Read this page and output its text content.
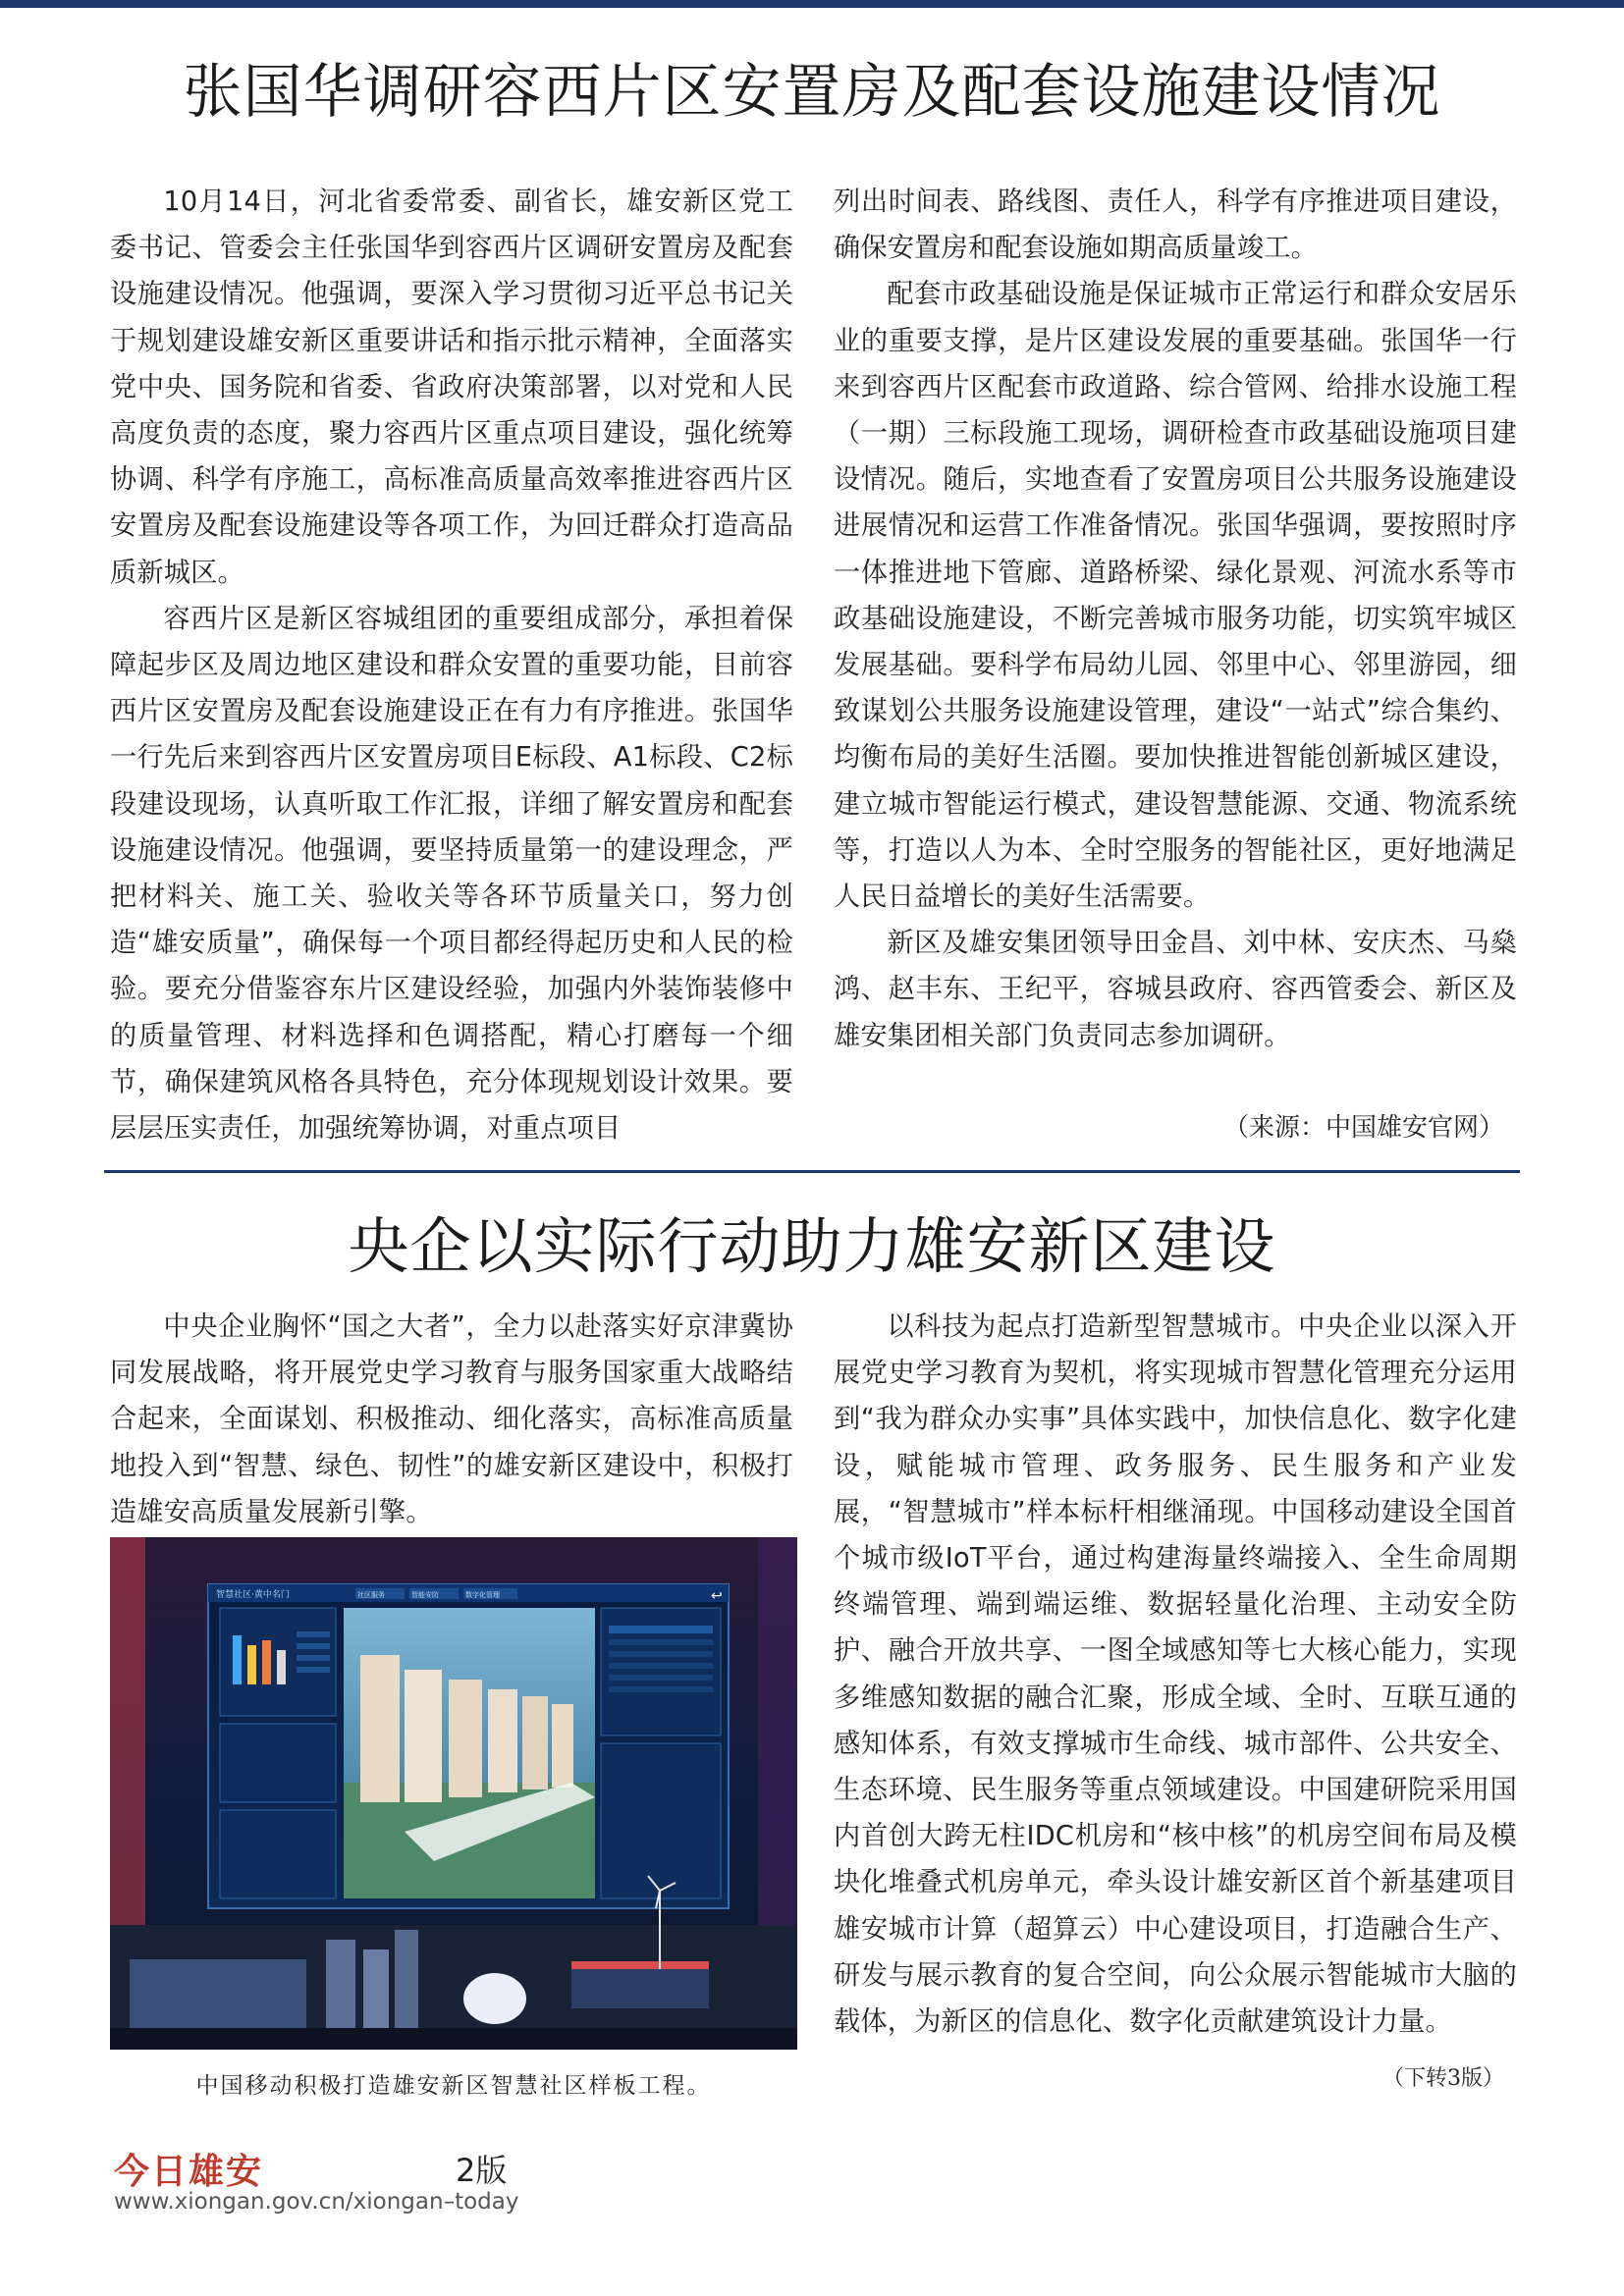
张国华调研容西片区安置房及配套设施建设情况

10月14日，河北省委常委、副省长，雄安新区党工委书记、管委会主任张国华到容西片区调研安置房及配套设施建设情况。他强调，要深入学习贯彻习近平总书记关于规划建设雄安新区重要讲话和指示批示精神，全面落实党中央、国务院和省委、省政府决策部署，以对党和人民高度负责的态度，聚力容西片区重点项目建设，强化统筹协调、科学有序施工，高标准高质量高效率推进容西片区安置房及配套设施建设等各项工作，为回迁群众打造高品质新城区。

容西片区是新区容城组团的重要组成部分，承担着保障起步区及周边地区建设和群众安置的重要功能，目前容西片区安置房及配套设施建设正在有力有序推进。张国华一行先后来到容西片区安置房项目E标段、A1标段、C2标段建设现场，认真听取工作汇报，详细了解安置房和配套设施建设情况。他强调，要坚持质量第一的建设理念，严把材料关、施工关、验收关等各环节质量关口，努力创造“雄安质量”，确保每一个项目都经得起历史和人民的检验。要充分借鉴容东片区建设经验，加强内外装饰装修中的质量管理、材料选择和色调搭配，精心打磨每一个细节，确保建筑风格各具特色，充分体现规划设计效果。要层层压实责任，加强统筹协调，对重点项目

列出时间表、路线图、责任人，科学有序推进项目建设，确保安置房和配套设施如期高质量竣工。

配套市政基础设施是保证城市正常运行和群众安居乐业的重要支撑，是片区建设发展的重要基础。张国华一行来到容西片区配套市政道路、综合管网、给排水设施工程（一期）三标段施工现场，调研检查市政基础设施项目建设情况。随后，实地查看了安置房项目公共服务设施建设进展情况和运营工作准备情况。张国华强调，要按照时序一体推进地下管廊、道路桥梁、绿化景观、河流水系等市政基础设施建设，不断完善城市服务功能，切实筑牢城区发展基础。要科学布局幼儿园、邻里中心、邻里游园，细致谋划公共服务设施建设管理，建设“一站式”综合集约、均衡布局的美好生活圈。要加快推进智能创新城区建设，建立城市智能运行模式，建设智慧能源、交通、物流系统等，打造以人为本、全时空服务的智能社区，更好地满足人民日益增长的美好生活需要。

新区及雄安集团领导田金昌、刘中林、安庆杰、马燊鸿、赵丰东、王纪平，容城县政府、容西管委会、新区及雄安集团相关部门负责同志参加调研。

（来源：中国雄安官网）
央企以实际行动助力雄安新区建设

中央企业胸怀“国之大者”，全力以赴落实好京津冀协同发展战略，将开展党史学习教育与服务国家重大战略结合起来，全面谋划、积极推动、细化落实，高标准高质量地投入到“智慧、绿色、韧性”的雄安新区建设中，积极打造雄安高质量发展新引擎。

智慧社区·黄中名门	社区服务	智能安防	数字化管理	↩
中国移动积极打造雄安新区智慧社区样板工程。

以科技为起点打造新型智慧城市。中央企业以深入开展党史学习教育为契机，将实现城市智慧化管理充分运用到“我为群众办实事”具体实践中，加快信息化、数字化建设，赋能城市管理、政务服务、民生服务和产业发展，“智慧城市”样本标杆相继涌现。中国移动建设全国首个城市级IoT平台，通过构建海量终端接入、全生命周期终端管理、端到端运维、数据轻量化治理、主动安全防护、融合开放共享、一图全域感知等七大核心能力，实现多维感知数据的融合汇聚，形成全域、全时、互联互通的感知体系，有效支撑城市生命线、城市部件、公共安全、生态环境、民生服务等重点领域建设。中国建研院采用国内首创大跨无柱IDC机房和“核中核”的机房空间布局及模块化堆叠式机房单元，牵头设计雄安新区首个新基建项目雄安城市计算（超算云）中心建设项目，打造融合生产、研发与展示教育的复合空间，向公众展示智能城市大脑的载体，为新区的信息化、数字化贡献建筑设计力量。

（下转3版）
今日雄安	2版
www.xiongan.gov.cn/xiongan–today
